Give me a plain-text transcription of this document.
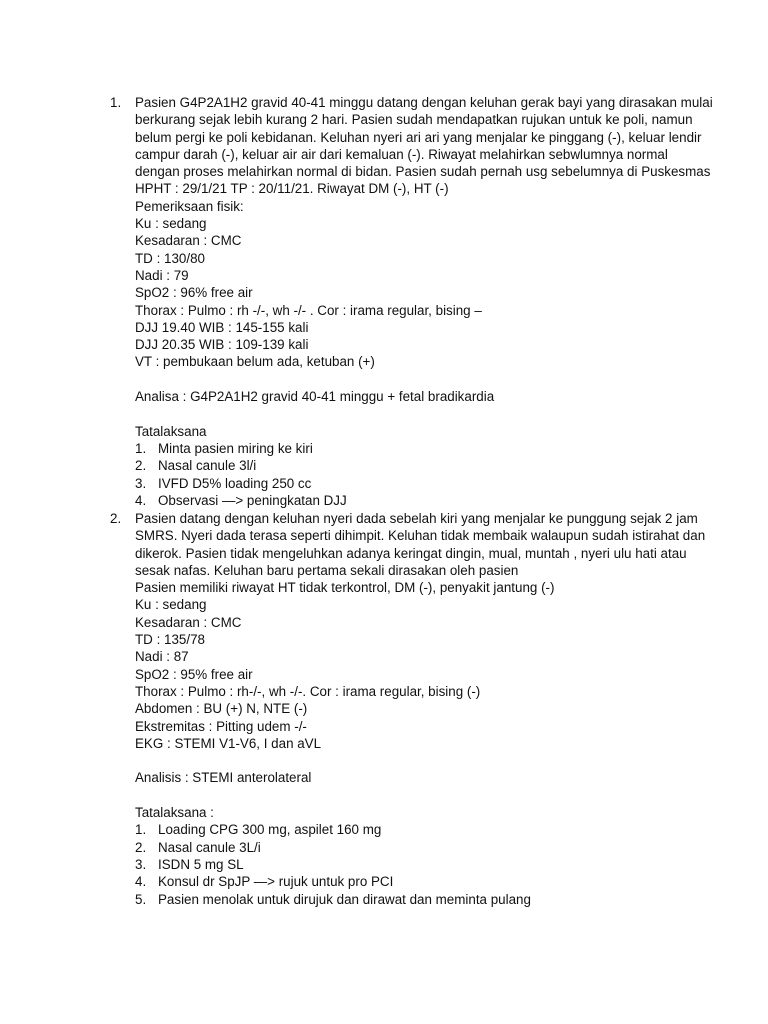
1. Pasien G4P2A1H2 gravid 40-41 minggu datang dengan keluhan gerak bayi yang dirasakan mulai
berkurang sejak lebih kurang 2 hari. Pasien sudah mendapatkan rujukan untuk ke poli, namun
belum pergi ke poli kebidanan. Keluhan nyeri ari ari yang menjalar ke pinggang (-), keluar lendir
campur darah (-), keluar air air dari kemaluan (-). Riwayat melahirkan sebwlumnya normal
dengan proses melahirkan normal di bidan. Pasien sudah pernah usg sebelumnya di Puskesmas
HPHT : 29/1/21 TP : 20/11/21. Riwayat DM (-), HT (-)
Pemeriksaan fisik:
Ku : sedang
Kesadaran : CMC
TD : 130/80
Nadi : 79
SpO2 : 96% free air
Thorax : Pulmo : rh -/-, wh -/- . Cor : irama regular, bising –
DJJ 19.40 WIB : 145-155 kali
DJJ 20.35 WIB : 109-139 kali
VT : pembukaan belum ada, ketuban (+)
Analisa : G4P2A1H2 gravid 40-41 minggu + fetal bradikardia
Tatalaksana
1. Minta pasien miring ke kiri
2. Nasal canule 3l/i
3. IVFD D5% loading 250 cc
4. Observasi —> peningkatan DJJ
2. Pasien datang dengan keluhan nyeri dada sebelah kiri yang menjalar ke punggung sejak 2 jam
SMRS. Nyeri dada terasa seperti dihimpit. Keluhan tidak membaik walaupun sudah istirahat dan
dikerok. Pasien tidak mengeluhkan adanya keringat dingin, mual, muntah , nyeri ulu hati atau
sesak nafas. Keluhan baru pertama sekali dirasakan oleh pasien
Pasien memiliki riwayat HT tidak terkontrol, DM (-), penyakit jantung (-)
Ku : sedang
Kesadaran : CMC
TD : 135/78
Nadi : 87
SpO2 : 95% free air
Thorax : Pulmo : rh-/-, wh -/-. Cor : irama regular, bising (-)
Abdomen : BU (+) N, NTE (-)
Ekstremitas : Pitting udem -/-
EKG : STEMI V1-V6, I dan aVL
Analisis : STEMI anterolateral
Tatalaksana :
1. Loading CPG 300 mg, aspilet 160 mg
2. Nasal canule 3L/i
3. ISDN 5 mg SL
4. Konsul dr SpJP —> rujuk untuk pro PCI
5. Pasien menolak untuk dirujuk dan dirawat dan meminta pulang
